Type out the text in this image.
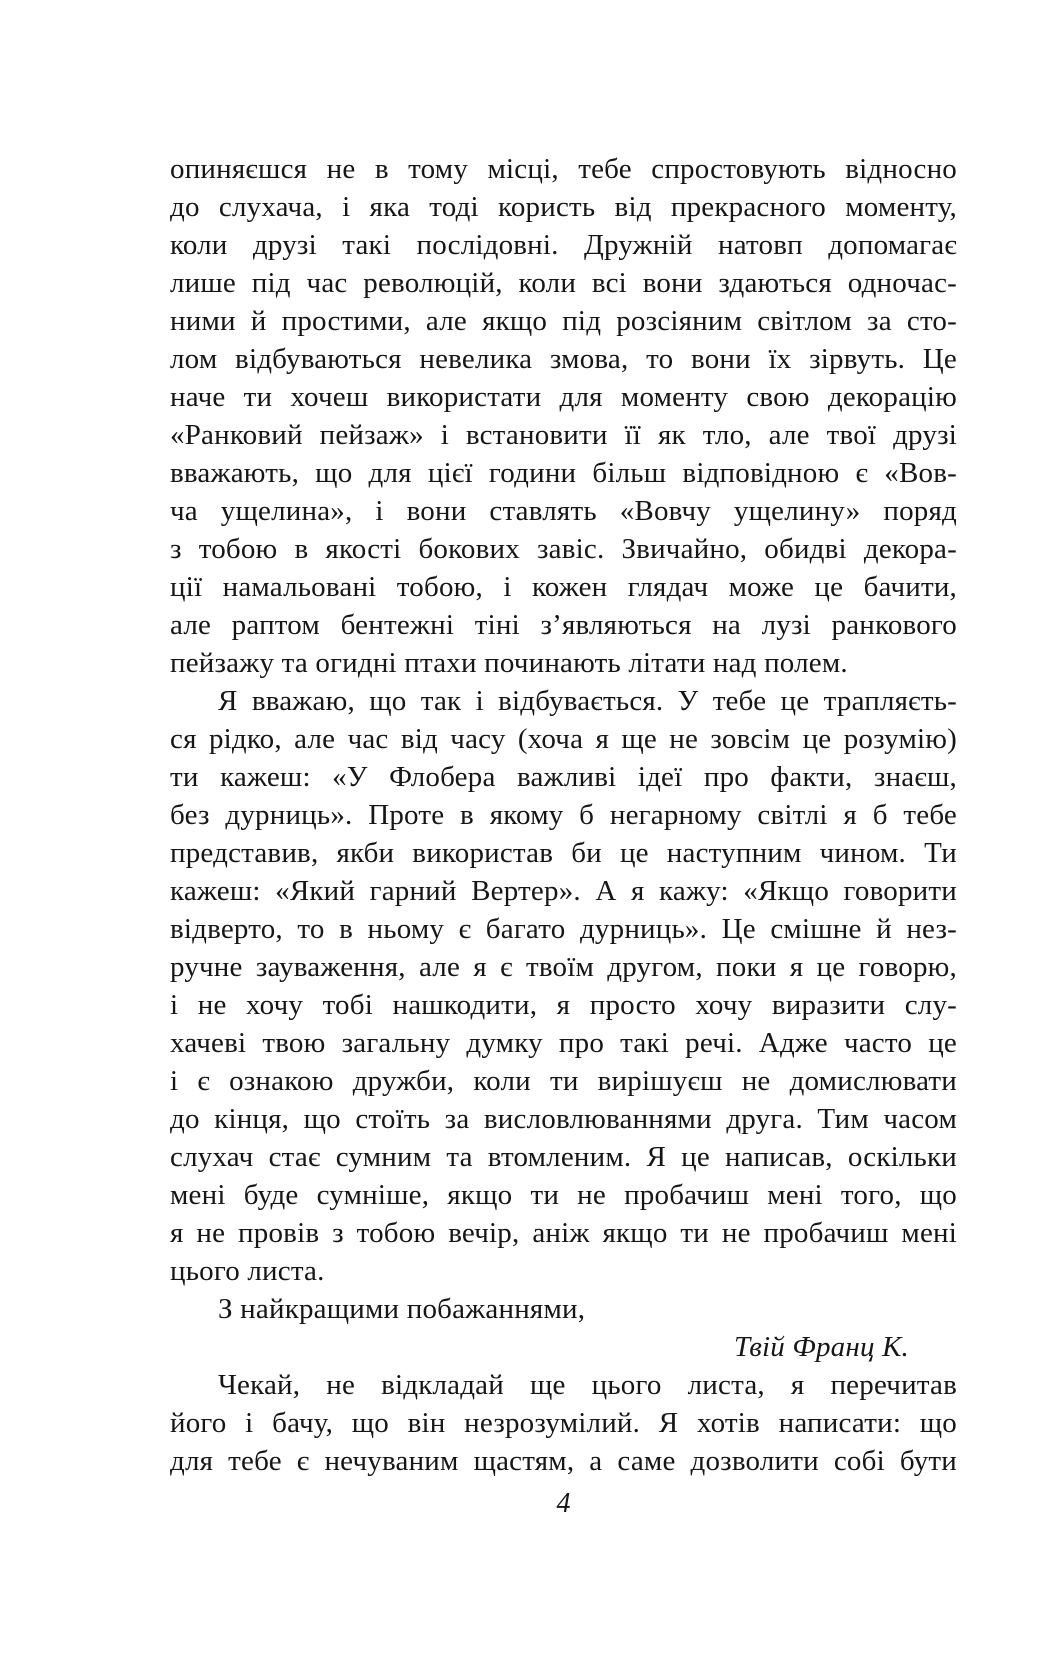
опиняєшся не в тому місці, тебе спростовують відносно
до слухача, і яка тоді користь від прекрасного моменту,
коли друзі такі послідовні. Дружній натовп допомагає
лише під час революцій, коли всі вони здаються одночас-
ними й простими, але якщо під розсіяним світлом за сто-
лом відбуваються невелика змова, то вони їх зірвуть. Це
наче ти хочеш використати для моменту свою декорацію
«Ранковий пейзаж» і встановити її як тло, але твої друзі
вважають, що для цієї години більш відповідною є «Вов-
ча ущелина», і вони ставлять «Вовчу ущелину» поряд
з тобою в якості бокових завіс. Звичайно, обидві декора-
ції намальовані тобою, і кожен глядач може це бачити,
але раптом бентежні тіні з’являються на лузі ранкового
пейзажу та огидні птахи починають літати над полем.
Я вважаю, що так і відбувається. У тебе це трапляєть-
ся рідко, але час від часу (хоча я ще не зовсім це розумію)
ти кажеш: «У Флобера важливі ідеї про факти, знаєш,
без дурниць». Проте в якому б негарному світлі я б тебе
представив, якби використав би це наступним чином. Ти
кажеш: «Який гарний Вертер». А я кажу: «Якщо говорити
відверто, то в ньому є багато дурниць». Це смішне й нез-
ручне зауваження, але я є твоїм другом, поки я це говорю,
і не хочу тобі нашкодити, я просто хочу виразити слу-
хачеві твою загальну думку про такі речі. Адже часто це
і є ознакою дружби, коли ти вирішуєш не домислювати
до кінця, що стоїть за висловлюваннями друга. Тим часом
слухач стає сумним та втомленим. Я це написав, оскільки
мені буде сумніше, якщо ти не пробачиш мені того, що
я не провів з тобою вечір, аніж якщо ти не пробачиш мені
цього листа.
З найкращими побажаннями,
Твій Франц К.
Чекай, не відкладай ще цього листа, я перечитав
його і бачу, що він незрозумілий. Я хотів написати: що
для тебе є нечуваним щастям, а саме дозволити собі бути
4
